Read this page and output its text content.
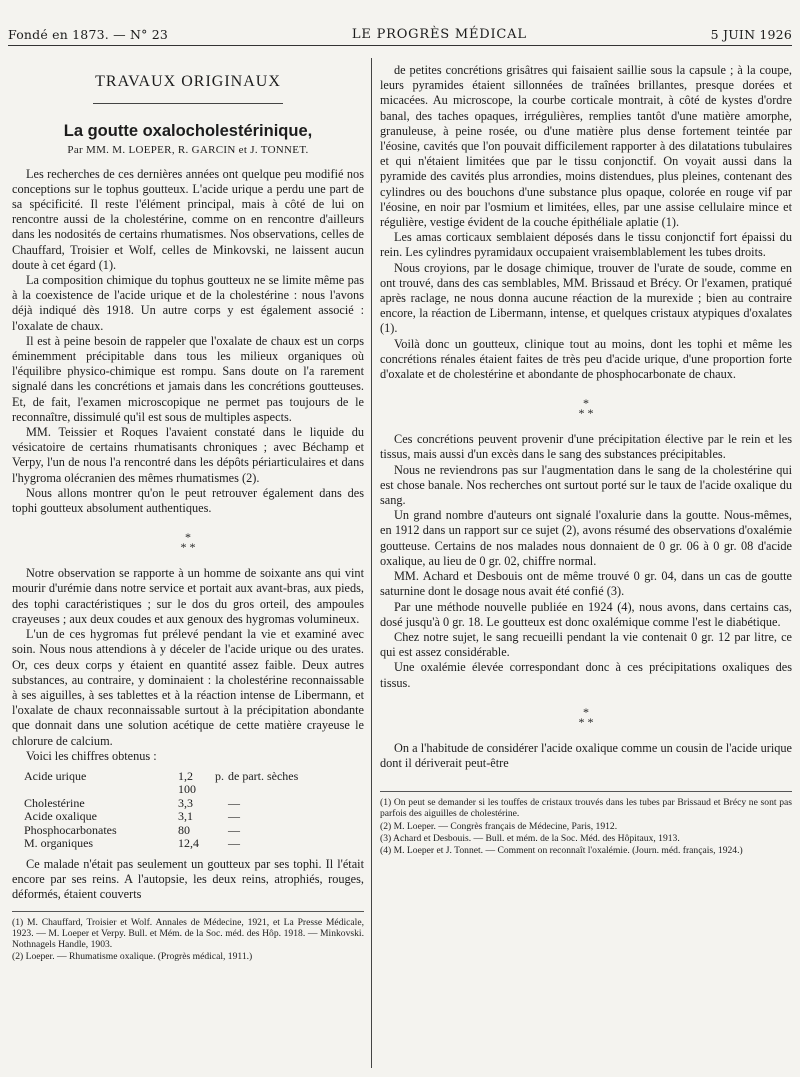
Fondé en 1873. — N° 23	LE PROGRÈS MÉDICAL	5 JUIN 1926
TRAVAUX ORIGINAUX
La goutte oxalocholestérinique,
Par MM. M. LOEPER, R. GARCIN et J. TONNET.

Les recherches de ces dernières années ont quelque peu modifié nos conceptions sur le tophus goutteux. L'acide urique a perdu une part de sa spécificité. Il reste l'élément principal, mais à côté de lui on rencontre aussi de la cholestérine, comme on en rencontre d'ailleurs dans les nodosités de certains rhumatismes. Nos observations, celles de Chauffard, Troisier et Wolf, celles de Minkovski, ne laissent aucun doute à cet égard (1).

La composition chimique du tophus goutteux ne se limite même pas à la coexistence de l'acide urique et de la cholestérine : nous l'avons déjà indiqué dès 1918. Un autre corps y est également associé : l'oxalate de chaux.

Il est à peine besoin de rappeler que l'oxalate de chaux est un corps éminemment précipitable dans tous les milieux organiques où l'équilibre physico-chimique est rompu. Sans doute on l'a rarement signalé dans les concrétions et jamais dans les concrétions goutteuses. Et, de fait, l'examen microscopique ne permet pas toujours de le reconnaître, dissimulé qu'il est sous de multiples aspects.

MM. Teissier et Roques l'avaient constaté dans le liquide du vésicatoire de certains rhumatisants chroniques ; avec Béchamp et Verpy, l'un de nous l'a rencontré dans les dépôts périarticulaires et dans l'hygroma olécranien des mêmes rhumatismes (2).

Nous allons montrer qu'on le peut retrouver également dans des tophi goutteux absolument authentiques.

*
* *

Notre observation se rapporte à un homme de soixante ans qui vint mourir d'urémie dans notre service et portait aux avant-bras, aux pieds, des tophi caractéristiques ; sur le dos du gros orteil, des ampoules crayeuses ; aux deux coudes et aux genoux des hygromas volumineux.

L'un de ces hygromas fut prélevé pendant la vie et examiné avec soin. Nous nous attendions à y déceler de l'acide urique ou des urates. Or, ces deux corps y étaient en quantité assez faible. Deux autres substances, au contraire, y dominaient : la cholestérine reconnaissable à ses aiguilles, à ses tablettes et à la réaction intense de Libermann, et l'oxalate de chaux reconnaissable surtout à la précipitation abondante que donnait dans une solution acétique de cette matière crayeuse le chlorure de calcium.

Voici les chiffres obtenus :

Acide urique	1,2 p. 100	de part. sèches
Cholestérine	3,3	—
Acide oxalique	3,1	—
Phosphocarbonates	80	—
M. organiques	12,4	—

Ce malade n'était pas seulement un goutteux par ses tophi. Il l'était encore par ses reins. A l'autopsie, les deux reins, atrophiés, rouges, déformés, étaient couverts

(1) M. Chauffard, Troisier et Wolf. Annales de Médecine, 1921, et La Presse Médicale, 1923. — M. Loeper et Verpy. Bull. et Mém. de la Soc. méd. des Hôp. 1918. — Minkovski. Nothnagels Handle, 1903.

(2) Loeper. — Rhumatisme oxalique. (Progrès médical, 1911.)

de petites concrétions grisâtres qui faisaient saillie sous la capsule ; à la coupe, leurs pyramides étaient sillonnées de traînées brillantes, presque dorées et micacées. Au microscope, la courbe corticale montrait, à côté de kystes d'ordre banal, des taches opaques, irrégulières, remplies tantôt d'une matière amorphe, granuleuse, à peine rosée, ou d'une matière plus dense fortement teintée par l'éosine, cavités que l'on pouvait difficilement rapporter à des dilatations tubulaires et qui n'étaient limitées que par le tissu conjonctif. On voyait aussi dans la pyramide des cavités plus arrondies, moins distendues, plus pleines, contenant des cylindres ou des bouchons d'une substance plus opaque, colorée en rouge vif par l'éosine, en noir par l'osmium et limitées, elles, par une assise cellulaire mince et régulière, vestige évident de la couche épithéliale aplatie (1).

Les amas corticaux semblaient déposés dans le tissu conjonctif fort épaissi du rein. Les cylindres pyramidaux occupaient vraisemblablement les tubes droits.

Nous croyions, par le dosage chimique, trouver de l'urate de soude, comme en ont trouvé, dans des cas semblables, MM. Brissaud et Brécy. Or l'examen, pratiqué après raclage, ne nous donna aucune réaction de la murexide ; bien au contraire encore, la réaction de Libermann, intense, et quelques cristaux atypiques d'oxalates (1).

Voilà donc un goutteux, clinique tout au moins, dont les tophi et même les concrétions rénales étaient faites de très peu d'acide urique, d'une proportion forte d'oxalate et de cholestérine et abondante de phosphocarbonate de chaux.

*
* *

Ces concrétions peuvent provenir d'une précipitation élective par le rein et les tissus, mais aussi d'un excès dans le sang des substances précipitables.

Nous ne reviendrons pas sur l'augmentation dans le sang de la cholestérine qui est chose banale. Nos recherches ont surtout porté sur le taux de l'acide oxalique du sang.

Un grand nombre d'auteurs ont signalé l'oxalurie dans la goutte. Nous-mêmes, en 1912 dans un rapport sur ce sujet (2), avons résumé des observations d'oxalémie goutteuse. Certains de nos malades nous donnaient de 0 gr. 06 à 0 gr. 08 d'acide oxalique, au lieu de 0 gr. 02, chiffre normal.

MM. Achard et Desbouis ont de même trouvé 0 gr. 04, dans un cas de goutte saturnine dont le dosage nous avait été confié (3).

Par une méthode nouvelle publiée en 1924 (4), nous avons, dans certains cas, dosé jusqu'à 0 gr. 18. Le goutteux est donc oxalémique comme l'est le diabétique.

Chez notre sujet, le sang recueilli pendant la vie contenait 0 gr. 12 par litre, ce qui est assez considérable.

Une oxalémie élevée correspondant donc à ces précipitations oxaliques des tissus.

*
* *

On a l'habitude de considérer l'acide oxalique comme un cousin de l'acide urique dont il dériverait peut-être

(1) On peut se demander si les touffes de cristaux trouvés dans les tubes par Brissaud et Brécy ne sont pas parfois des aiguilles de cholestérine.

(2) M. Loeper. — Congrès français de Médecine, Paris, 1912.

(3) Achard et Desbouis. — Bull. et mém. de la Soc. Méd. des Hôpitaux, 1913.

(4) M. Loeper et J. Tonnet. — Comment on reconnaît l'oxalémie. (Journ. méd. français, 1924.)
